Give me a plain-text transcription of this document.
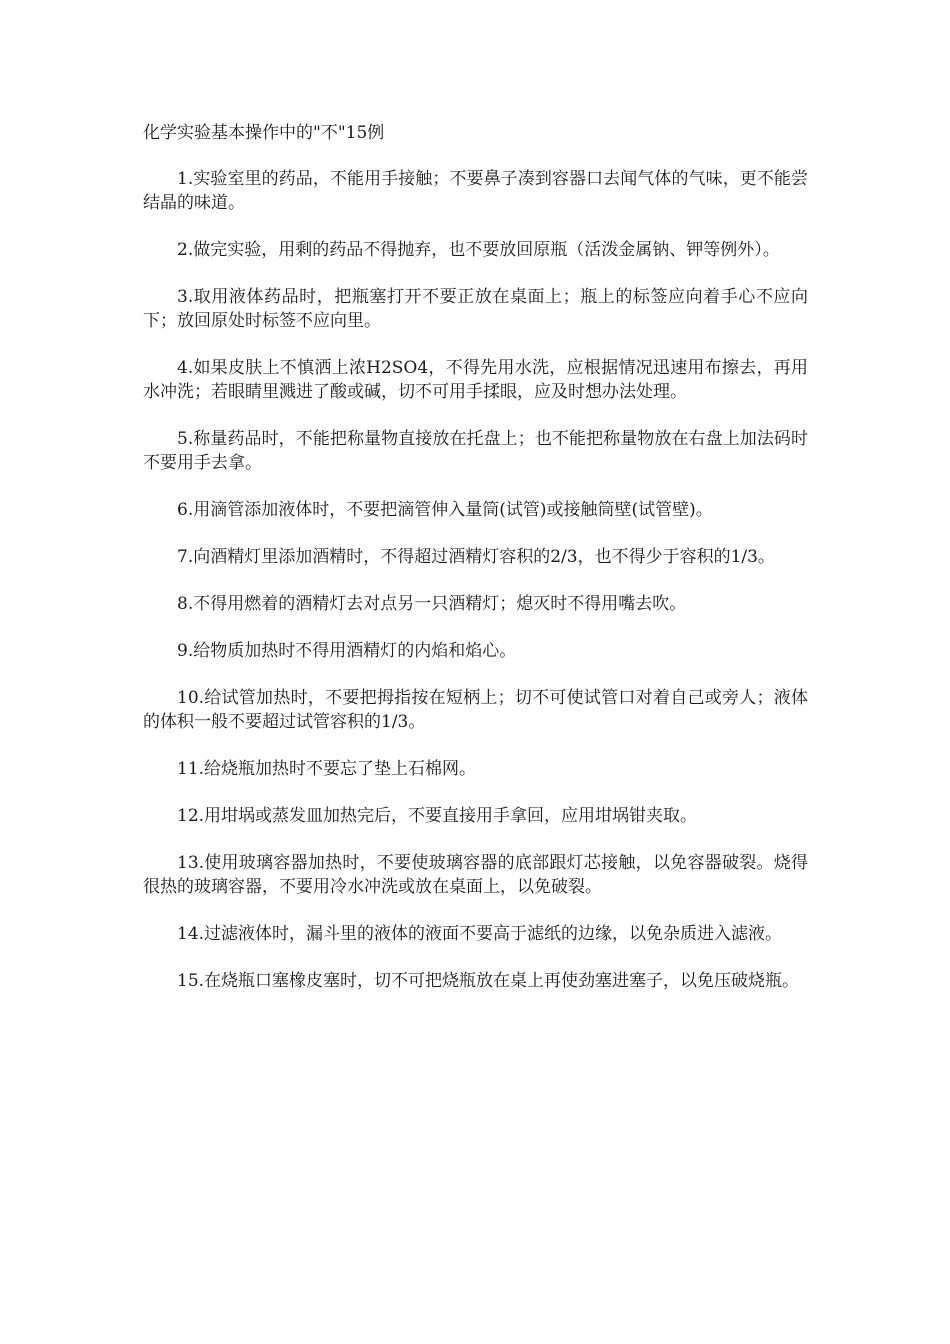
化学实验基本操作中的"不"15例

1.实验室里的药品，不能用手接触；不要鼻子凑到容器口去闻气体的气味，更不能尝结晶的味道。

2.做完实验，用剩的药品不得抛弃，也不要放回原瓶（活泼金属钠、钾等例外）。

3.取用液体药品时，把瓶塞打开不要正放在桌面上；瓶上的标签应向着手心不应向下；放回原处时标签不应向里。

4.如果皮肤上不慎洒上浓H2SO4，不得先用水洗，应根据情况迅速用布擦去，再用水冲洗；若眼睛里溅进了酸或碱，切不可用手揉眼，应及时想办法处理。

5.称量药品时，不能把称量物直接放在托盘上；也不能把称量物放在右盘上加法码时不要用手去拿。

6.用滴管添加液体时，不要把滴管伸入量筒(试管)或接触筒壁(试管壁)。

7.向酒精灯里添加酒精时，不得超过酒精灯容积的2/3，也不得少于容积的1/3。

8.不得用燃着的酒精灯去对点另一只酒精灯；熄灭时不得用嘴去吹。

9.给物质加热时不得用酒精灯的内焰和焰心。

10.给试管加热时，不要把拇指按在短柄上；切不可使试管口对着自己或旁人；液体的体积一般不要超过试管容积的1/3。

11.给烧瓶加热时不要忘了垫上石棉网。

12.用坩埚或蒸发皿加热完后，不要直接用手拿回，应用坩埚钳夹取。

13.使用玻璃容器加热时，不要使玻璃容器的底部跟灯芯接触，以免容器破裂。烧得很热的玻璃容器，不要用冷水冲洗或放在桌面上，以免破裂。

14.过滤液体时，漏斗里的液体的液面不要高于滤纸的边缘，以免杂质进入滤液。

15.在烧瓶口塞橡皮塞时，切不可把烧瓶放在桌上再使劲塞进塞子，以免压破烧瓶。
